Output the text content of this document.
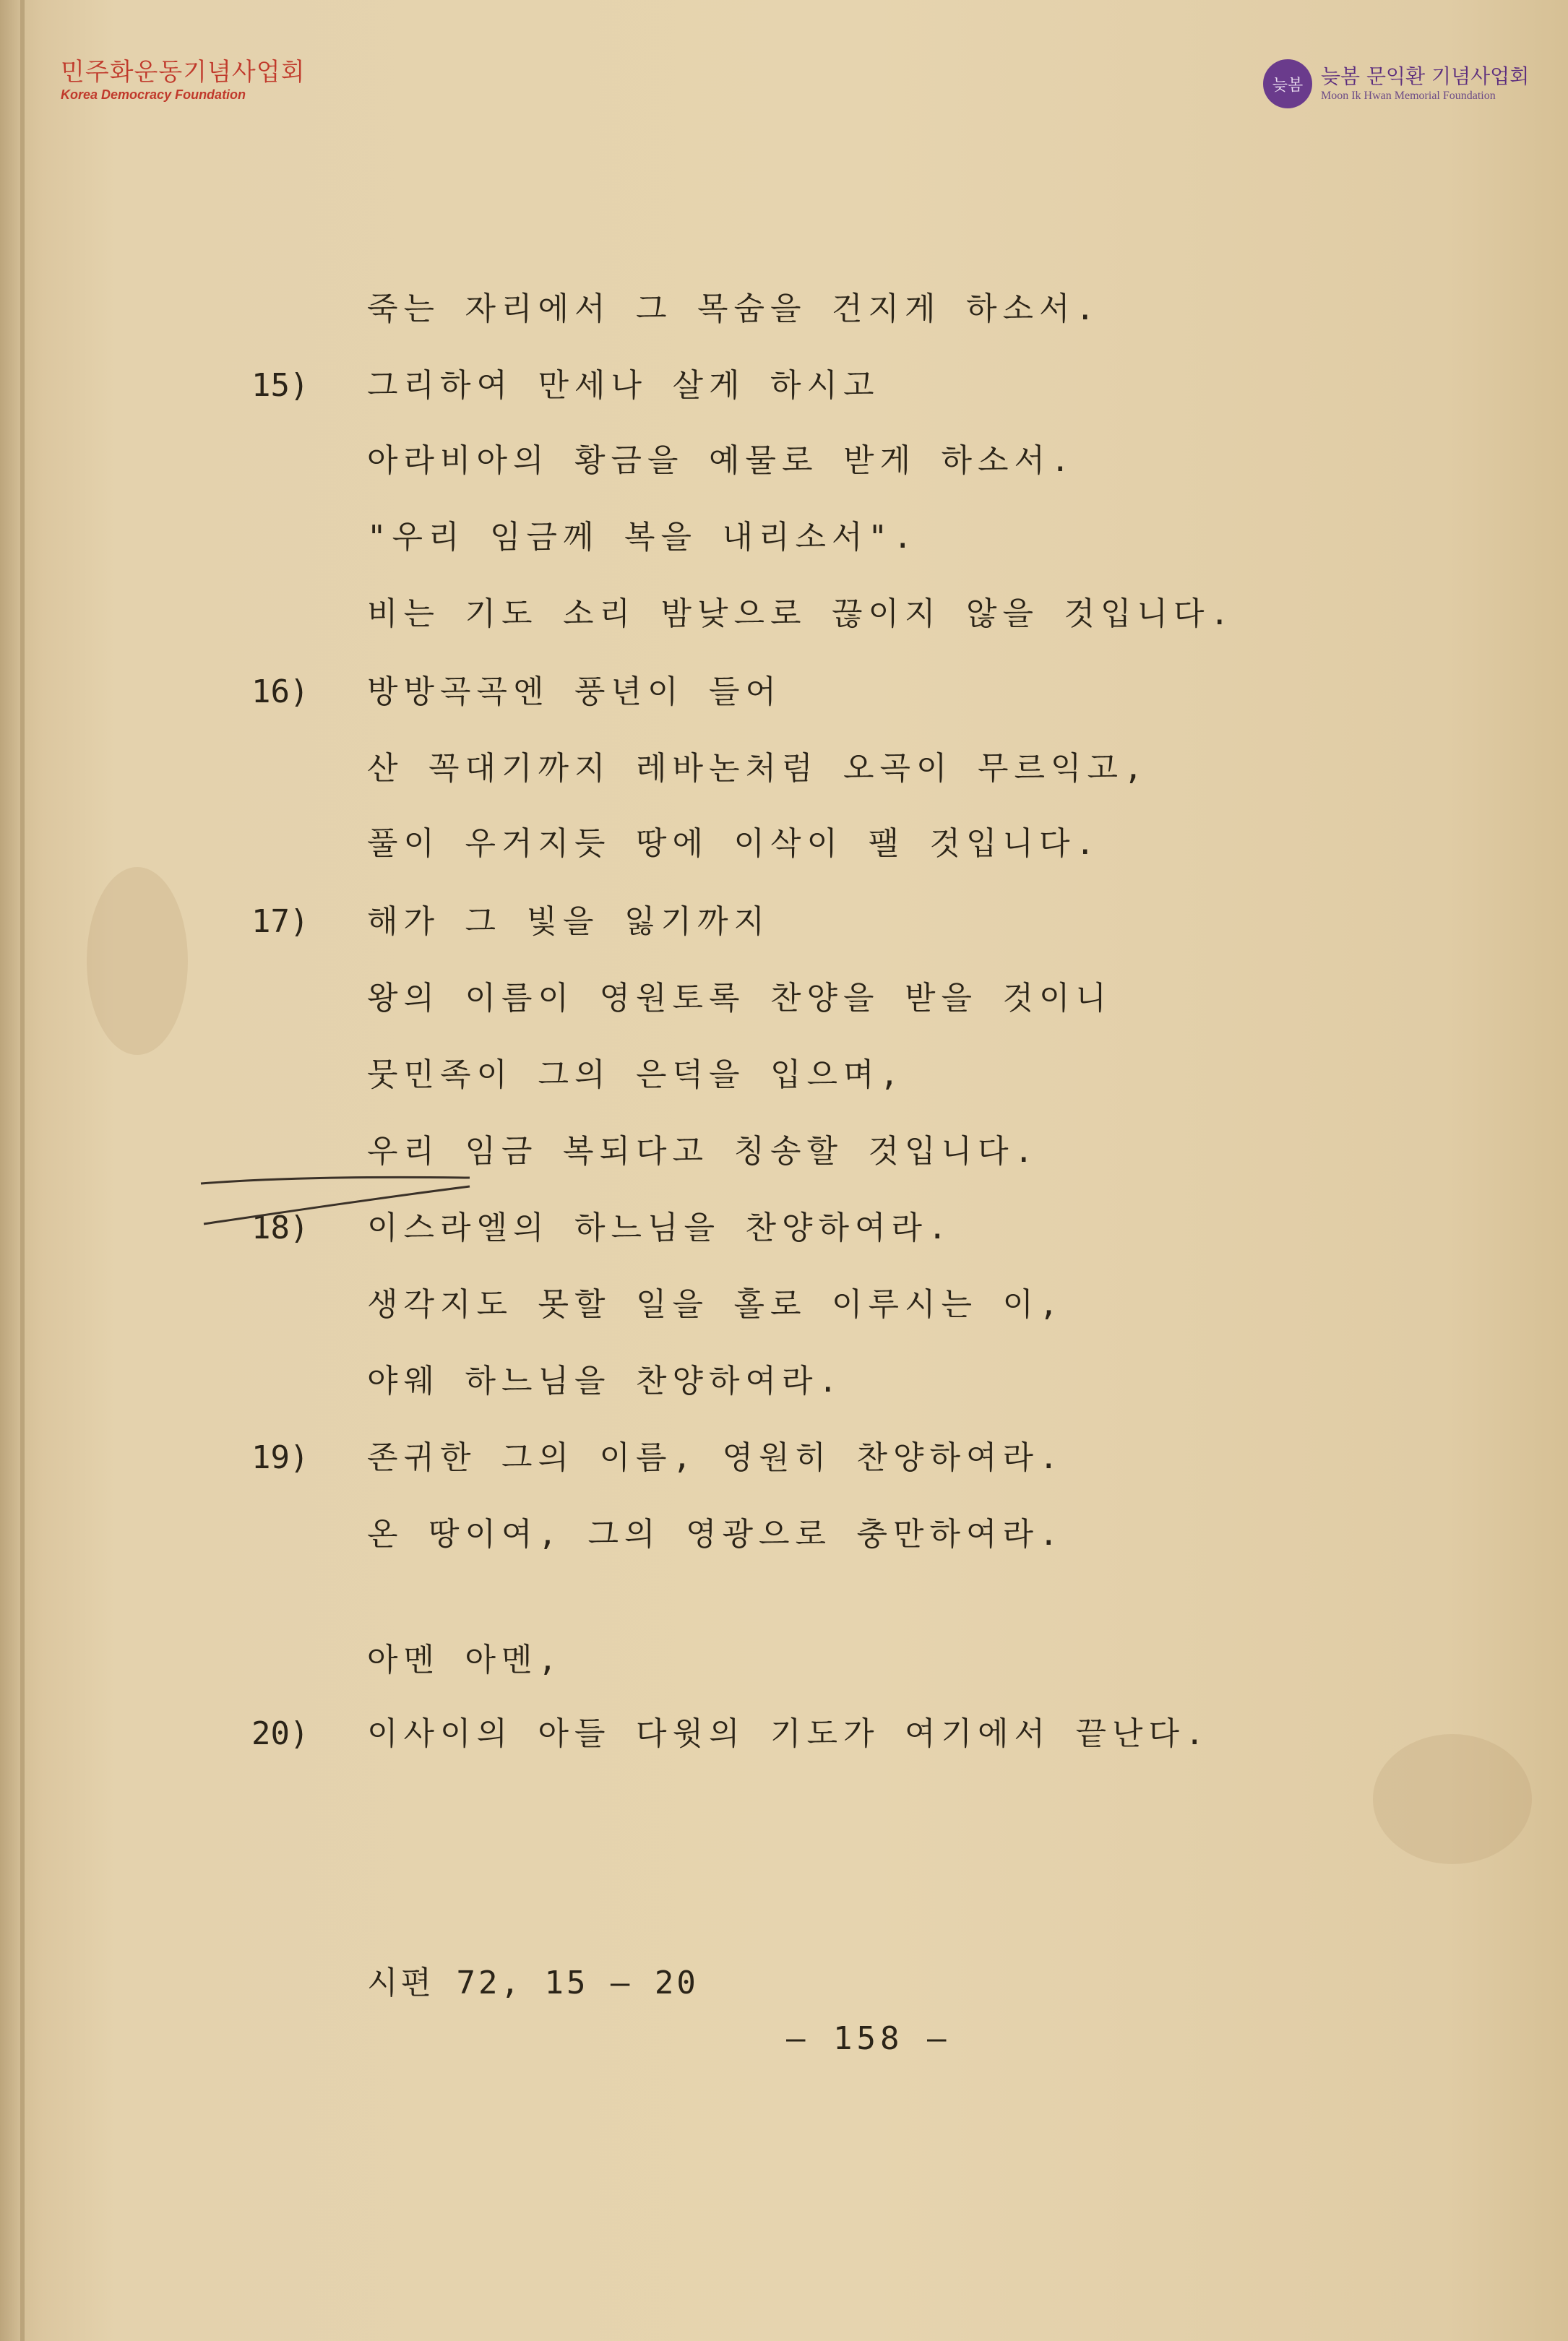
민주화운동기념사업회
Korea Democracy Foundation
늦봄 늦봄 문익환 기념사업회
Moon Ik Hwan Memorial Foundation
죽는 자리에서 그 목숨을 건지게 하소서.
15) 그리하여 만세나 살게 하시고
아라비아의 황금을 예물로 받게 하소서.
"우리 임금께 복을 내리소서".
비는 기도 소리 밤낮으로 끊이지 않을 것입니다.
16) 방방곡곡엔 풍년이 들어
산 꼭대기까지 레바논처럼 오곡이 무르익고,
풀이 우거지듯 땅에 이삭이 팰 것입니다.
17) 해가 그 빛을 잃기까지
왕의 이름이 영원토록 찬양을 받을 것이니
뭇민족이 그의 은덕을 입으며,
우리 임금 복되다고 칭송할 것입니다.
18) 이스라엘의 하느님을 찬양하여라.
생각지도 못할 일을 홀로 이루시는 이,
야웨 하느님을 찬양하여라.
19) 존귀한 그의 이름, 영원히 찬양하여라.
온 땅이여, 그의 영광으로 충만하여라.
아멘 아멘,
20) 이사이의 아들 다윗의 기도가 여기에서 끝난다.
시편 72, 15 — 20
— 158 —
